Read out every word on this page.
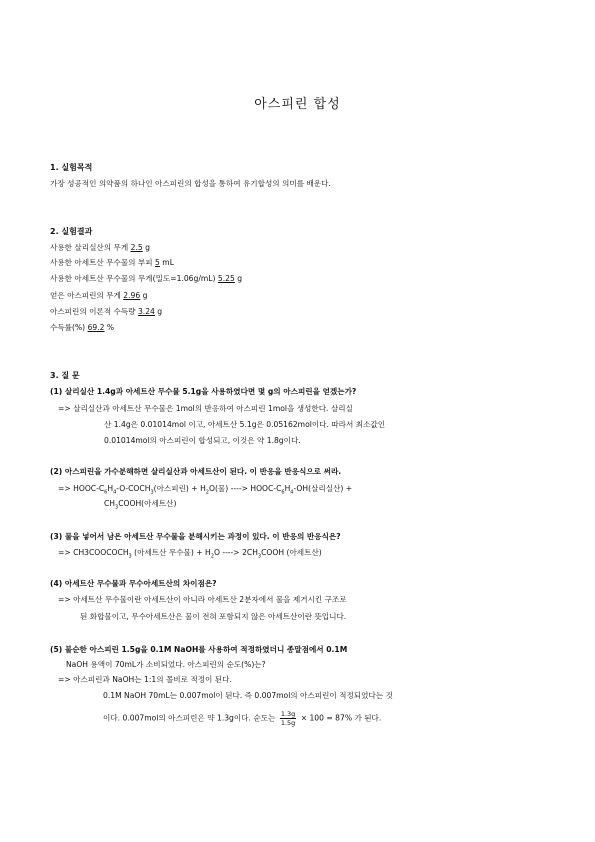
아스피린 합성
1. 실험목적
가장 성공적인 의약품의 하나인 아스피린의 합성을 통하여 유기합성의 의미를 배운다.
2. 실험결과
사용한 살리실산의 무게 2.5 g
사용한 아세트산 무수물의 부피 5 mL
사용한 아세트산 무수물의 무게(밀도=1.06g/mL) 5.25 g
얻은 아스피린의 무게 2.96 g
아스피린의 이론적 수득량 3.24 g
수득률(%) 69.2 %
3. 질 문
(1) 살리실산 1.4g과 아세트산 무수물 5.1g을 사용하였다면 몇 g의 아스피린을 얻겠는가?
=> 살리실산과 아세트산 무수물은 1mol의 반응하여 아스피린 1mol을 생성한다. 살리실
산 1.4g은 0.01014mol 이고, 아세트산 5.1g은 0.05162mol이다. 따라서 최소값인
0.01014mol의 아스피린이 합성되고, 이것은 약 1.8g이다.
(2) 아스피린을 가수분해하면 살리실산과 아세트산이 된다. 이 반응을 반응식으로 써라.
=> HOOC-$C_6H_4-O-COCH_3$(아스피린) + $H_2O$(물) ----> HOOC-$C_6H_4-OH$(살리실산) +
$CH_3COOH$(아세트산)
(3) 물을 넣어서 남은 아세트산 무수물을 분해시키는 과정이 있다. 이 반응의 반응식은?
=> $CH3COOCOCH_3$ (아세트산 무수물) + $H_2O$ ----> $2CH_3COOH$ (아세트산)
(4) 아세트산 무수물과 무수아세트산의 차이점은?
=> 아세트산 무수물이란 아세트산이 아니라 아세트산 2분자에서 물을 제거시킨 구조로
된 화합물이고, 무수아세트산은 물이 전혀 포함되지 않은 아세트산이란 뜻입니다.
(5) 불순한 아스피린 1.5g을 0.1M NaOH를 사용하여 적정하였더니 종말점에서 0.1M
NaOH 용액이 70mL가 소비되었다. 아스피린의 순도(%)는?
=> 아스피린과 NaOH는 1:1의 몰비로 적정이 된다.
0.1M NaOH 70mL는 0.007mol이 된다. 즉 0.007mol의 아스피린이 적정되었다는 것
이다. 0.007mol의 아스피린은 약 1.3g이다. 순도는 $\frac{1.3g}{1.5g} \times 100 = 87\%$ 가 된다.
